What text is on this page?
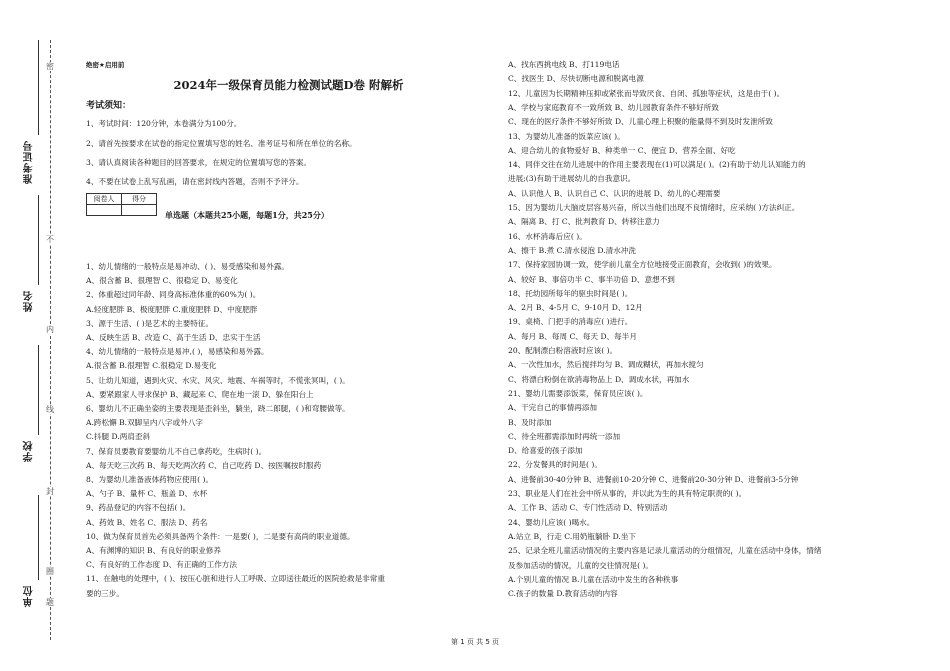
准考证号
姓名
学校
单位
密
不
内
线
封
圈
题
绝密★启用前
2024年一级保育员能力检测试题D卷 附解析
考试须知：
1、考试时间：120分钟，本卷满分为100分。
2、请首先按要求在试卷的指定位置填写您的姓名、准考证号和所在单位的名称。
3、请认真阅读各种题目的回答要求，在规定的位置填写您的答案。
4、不要在试卷上乱写乱画，请在密封线内答题，否则不予评分。
阅卷人	得分

单选题（本题共25小题，每题1分，共25分）
1、幼儿情绪的一般特点是易冲动、( )、易受感染和易外露。
A、很含蓄 B、很理智 C、很稳定 D、易变化
2、体重超过同年龄、同身高标准体重的60%为( )。
A.轻度肥胖 B、极度肥胖 C.重度肥胖 D、中度肥胖
3、源于生活、( )是艺术的主要特征。
A、反映生活 B、改造 C、高于生活 D、忠实于生活
4、幼儿情绪的一般特点是易冲,( )，易感染和易外露。
A.很含蓄 B.很理智 C.很稳定 D.易变化
5、让幼儿知道，遇到火灾、水灾、风灾、地震、车祸等时，不慌张冥叫，( )。
A、要紧跟家人寻求保护 B、藏起来 C、爬在地一滚 D、躲在阳台上
6、婴幼儿不正确坐姿的主要表现是歪斜坐，躺坐，跷二郎腿，( )和弯腰做等。
A.跨松懈 B.双脚呈内八字或外八字
C.抖腿 D.两肩歪斜
7、保育员要教育要婴幼儿不自己拿药吃，生病时( )。
A、每天吃三次药 B、每天吃两次药 C、自己吃药 D、按医嘱按时服药
8、为婴幼儿准备液体药物应使用( )。
A、勺子 B、量杯 C、瓶盖 D、水杯
9、药品登记的内容不包括( )。
A、药效 B、姓名 C、服法 D、药名
10、做为保育员首先必须具备两个条件：一是要( )，二是要有高尚的职业道德。
A、有渊博的知识 B、有良好的职业修养
C、有良好的工作态度 D、有正确的工作方法
11、在触电的处理中，( )、按压心脏和进行人工呼吸、立即送往最近的医院抢救是非常重
要的三步。
A、找东西挑电线 B、打119电话
C、找医生 D、尽快切断电源和脱离电源
12、儿童因为长期精神压抑或紧张而导致厌食、自闭、孤独等症状，这是由于( )。
A、学校与家庭教育不一致所致 B、幼儿园教育条件不够好所致
C、现在的医疗条件不够好所致 D、儿童心理上积聚的能量得不到及时发泄所致
13、为婴幼儿准备的饭菜应该( )。
A、迎合幼儿的食物爱好 B、种类单一 C、便宜 D、营养全面、好吃
14、同伴交往在幼儿进展中的作用主要表现在(1)可以满足( )。(2)有助于幼儿认知能力的
进展;(3)有助于进展幼儿的自我意识。
A、认识他人 B、认识自己 C、认识的进展 D、幼儿的心理需要
15、因为婴幼儿大脑皮层容易兴奋，所以当他们出现不良情绪时，应采纳( )方法纠正。
A、隔离 B、打 C、批判教育 D、转移注意力
16、水杯消毒后应( )。
A、擦干 B.煮 C.清水侵泡 D.清水冲洗
17、保持家园协调一致，使学前儿童全方位地接受正面教育，会收到( )的效果。
A、较好 B、事倍功半 C、事半功倍 D、意想不到
18、托幼园所每年的驱虫时间是( )。
A、2月 B、4-5月 C、9-10月 D、12月
19、桌椅、门把手的消毒应( )进行。
A、每月 B、每周 C、每天 D、每半月
20、配制漂白粉溶液时应该( )。
A、一次性加水，然后搅拌均匀 B、调成糊状，再加水搅匀
C、将漂白粉倒在欲消毒物品上 D、调成水状，再加水
21、婴幼儿需要添饭菜，保育员应该( )。
A、干完自己的事情再添加
B、及时添加
C、待全班都需添加时再统一添加
D、给喜爱的孩子添加
22、分发餐具的时间是( )。
A、进餐前30-40分钟 B、进餐前10-20分钟 C、进餐前20-30分钟 D、进餐前3-5分钟
23、职业是人们在社会中所从事的，并以此为生的具有特定职责的( )。
A、工作 B、活动 C、专门性活动 D、特别活动
24、婴幼儿应该( )喝水。
A.站立 B，行走 C.用奶瓶躺卧 D.坐下
25、记录全班儿童活动情况的主要内容是记录儿童活动的分组情况，儿童在活动中身体，情绪
及参加活动的情况，儿童的交往情况是( )。
A.个别儿童的情况 B.儿童在活动中发生的各种秩事
C.孩子的数量 D.教育活动的内容
第 1 页 共 5 页
